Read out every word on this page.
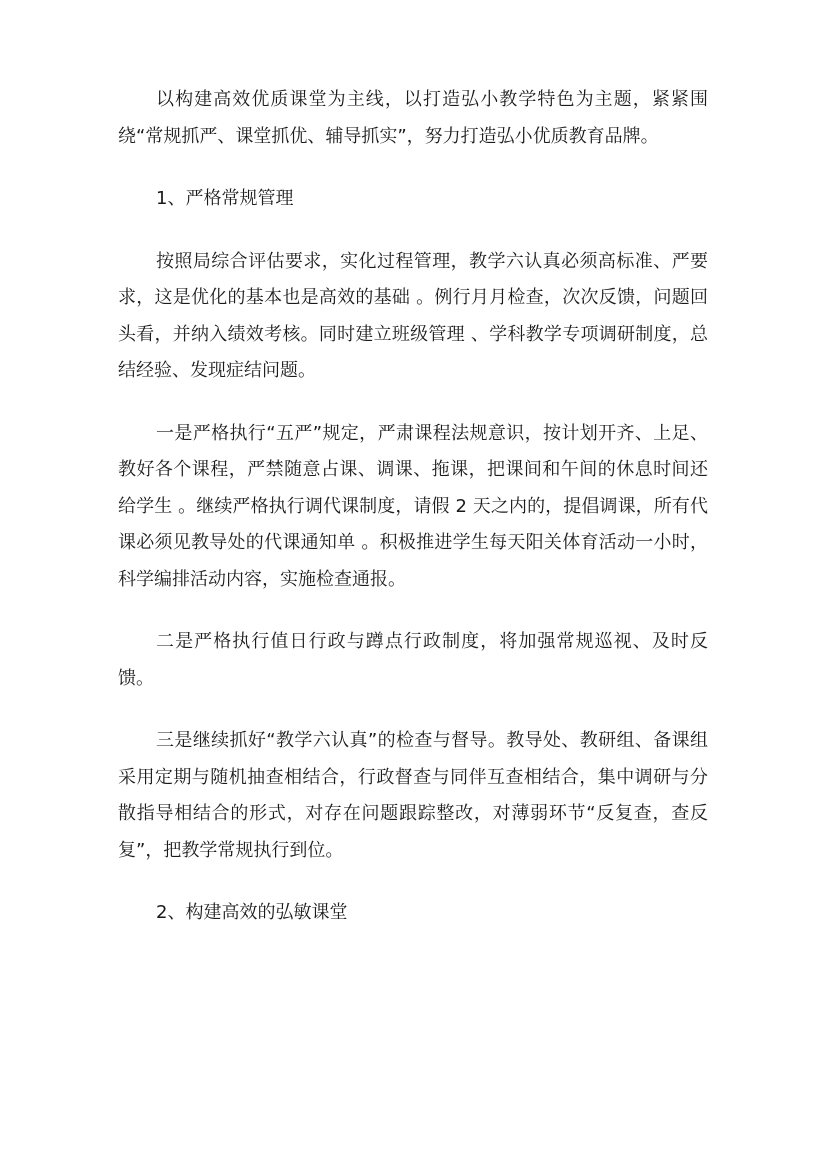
以构建高效优质课堂为主线，以打造弘小教学特色为主题，紧紧围绕“常规抓严、课堂抓优、辅导抓实”，努力打造弘小优质教育品牌。

1、严格常规管理

按照局综合评估要求，实化过程管理，教学六认真必须高标准、严要求，这是优化的基本也是高效的基础 。例行月月检查，次次反馈，问题回头看，并纳入绩效考核。同时建立班级管理 、学科教学专项调研制度，总结经验、发现症结问题。

一是严格执行“五严”规定，严肃课程法规意识，按计划开齐、上足、教好各个课程，严禁随意占课、调课、拖课，把课间和午间的休息时间还给学生 。继续严格执行调代课制度，请假 2 天之内的，提倡调课，所有代课必须见教导处的代课通知单 。积极推进学生每天阳关体育活动一小时，科学编排活动内容，实施检查通报。

二是严格执行值日行政与蹲点行政制度，将加强常规巡视、及时反馈。

三是继续抓好“教学六认真”的检查与督导。教导处、教研组、备课组采用定期与随机抽查相结合，行政督查与同伴互查相结合，集中调研与分散指导相结合的形式，对存在问题跟踪整改，对薄弱环节“反复查，查反复”，把教学常规执行到位。

2、构建高效的弘敏课堂
